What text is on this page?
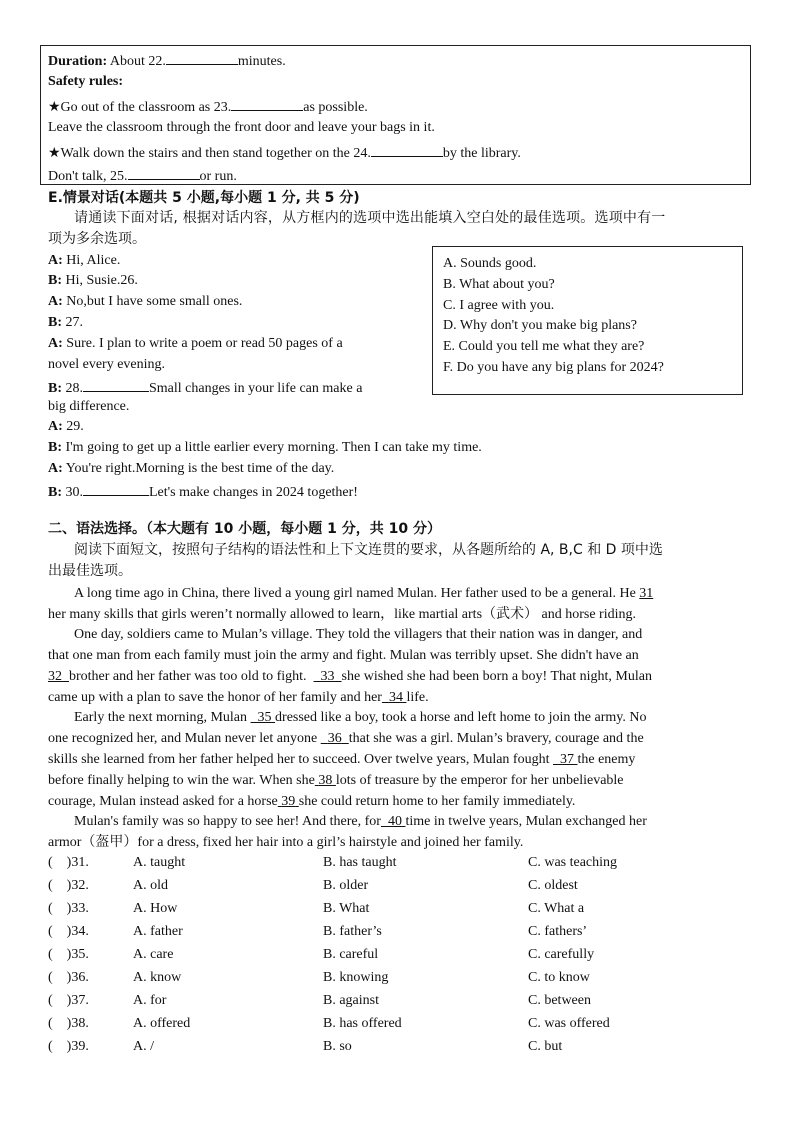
Duration: About 22.	minutes.
Safety rules:
★Go out of the classroom as 23.	as possible.
Leave the classroom through the front door and leave your bags in it.
★Walk down the stairs and then stand together on the 24.	by the library.
Don't talk, 25.	or run.
E.情景对话(本题共 5 小题,每小题 1 分, 共 5 分)
请通读下面对话, 根据对话内容，从方框内的选项中选出能填入空白处的最佳选项。选项中有一
项为多余选项。
A: Hi, Alice.
B: Hi, Susie.26.
A: No,but I have some small ones.
B: 27.
A: Sure. I plan to write a poem or read 50 pages of a
novel every evening.
B: 28.	Small changes in your life can make a
big difference.
A: 29.
B: I'm going to get up a little earlier every morning. Then I can take my time.
A: You're right.Morning is the best time of the day.
B: 30.	Let's make changes in 2024 together!
A. Sounds good.
B. What about you?
C. I agree with you.
D. Why don't you make big plans?
E. Could you tell me what they are?
F. Do you have any big plans for 2024?
二、语法选择。（本大题有 10 小题，每小题 1 分，共 10 分）
阅读下面短文，按照句子结构的语法性和上下文连贯的要求，从各题所给的 A, B,C 和 D 项中选
出最佳选项。
A long time ago in China, there lived a young girl named Mulan. Her father used to be a general. He 31
her many skills that girls weren’t normally allowed to learn，like martial arts（武术） and horse riding.
One day, soldiers came to Mulan’s village. They told the villagers that their nation was in danger, and
that one man from each family must join the army and fight. Mulan was terribly upset. She didn't have an
32 brother and her father was too old to fight. 33 she wished she had been born a boy! That night, Mulan
came up with a plan to save the honor of her family and her 34 life.
Early the next morning, Mulan 35 dressed like a boy, took a horse and left home to join the army. No
one recognized her, and Mulan never let anyone 36 that she was a girl. Mulan’s bravery, courage and the
skills she learned from her father helped her to succeed. Over twelve years, Mulan fought 37 the enemy
before finally helping to win the war. When she 38 lots of treasure by the emperor for her unbelievable
courage, Mulan instead asked for a horse 39 she could return home to her family immediately.
Mulan's family was so happy to see her! And there, for 40 time in twelve years, Mulan exchanged her
armor（盔甲）for a dress, fixed her hair into a girl’s hairstyle and joined her family.
(　)31.	A. taught	B. has taught	C. was teaching
(　)32.	A. old	B. older	C. oldest
(　)33.	A. How	B. What	C. What a
(　)34.	A. father	B. father’s	C. fathers’
(　)35.	A. care	B. careful	C. carefully
(　)36.	A. know	B. knowing	C. to know
(　)37.	A. for	B. against	C. between
(　)38.	A. offered	B. has offered	C. was offered
(　)39.	A. /	B. so	C. but
